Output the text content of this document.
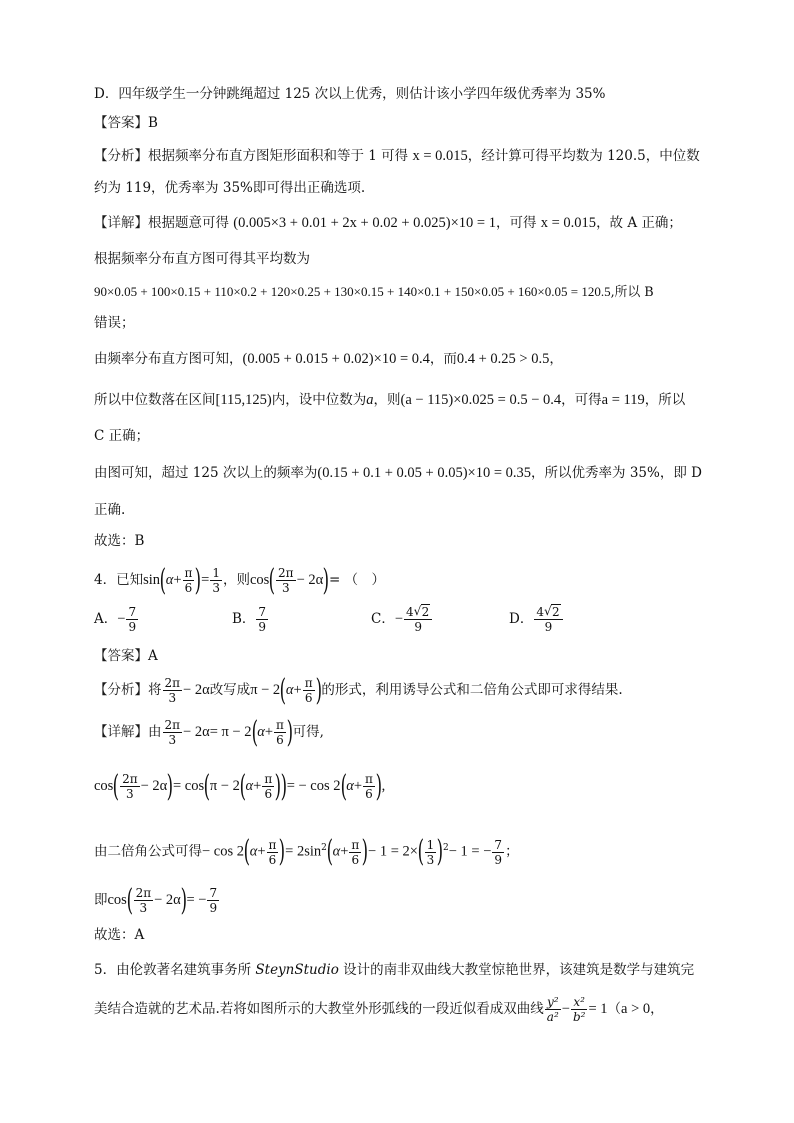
D．四年级学生一分钟跳绳超过 125 次以上优秀，则估计该小学四年级优秀率为 35%
【答案】B
【分析】根据频率分布直方图矩形面积和等于 1 可得 x = 0.015，经计算可得平均数为 120.5，中位数
约为 119，优秀率为 35%即可得出正确选项.
【详解】根据题意可得 (0.005×3 + 0.01 + 2x + 0.02 + 0.025)×10 = 1，可得 x = 0.015，故 A 正确；
根据频率分布直方图可得其平均数为
90×0.05 + 100×0.15 + 110×0.2 + 120×0.25 + 130×0.15 + 140×0.1 + 150×0.05 + 160×0.05 = 120.5,所以 B
错误；
由频率分布直方图可知，(0.005 + 0.015 + 0.02)×10 = 0.4，而0.4 + 0.25 > 0.5，
所以中位数落在区间[115,125)内，设中位数为a，则(a − 115)×0.025 = 0.5 − 0.4，可得a = 119，所以
C 正确；
由图可知，超过 125 次以上的频率为(0.15 + 0.1 + 0.05 + 0.05)×10 = 0.35，所以优秀率为 35%，即 D
正确.
故选：B
4．已知$\sin(\alpha+ \frac{\pi}{6}$ )= $\frac{1}{3}$ ，则$\cos( \frac{2\pi}{3} - 2\alpha)=$ （　）
A．− $\frac{7}{9}$	B． $\frac{7}{9}$	C．− $\frac{4 √ 2}{9}$	D． $\frac{4 √ 2}{9}$
【答案】A
【分析】将 $\frac{2\pi}{3} - 2\alpha$改写成$\pi - 2(\alpha+ \frac{\pi}{6}$ )的形式，利用诱导公式和二倍角公式即可求得结果.
【详解】由 $\frac{2\pi}{3} - 2\alpha= \pi - 2(\alpha+ \frac{\pi}{6}$ )可得,
$\cos( \frac{2\pi}{3} - 2\alpha)= \cos(\pi - 2(\alpha+ \frac{\pi}{6}$ ))= − $\cos 2(\alpha+ \frac{\pi}{6}$ ),
由二倍角公式可得− $\cos 2(\alpha+ \frac{\pi}{6}$ )= $2\sin^2(\alpha+ \frac{\pi}{6}$ )− $1 = 2\times( \frac{1}{3} )^2- 1$ = − $\frac{7}{9}$ ；
即$\cos( \frac{2\pi}{3} - 2\alpha)= - \frac{7}{9}$
故选：A
5．由伦敦著名建筑事务所 SteynStudio 设计的南非双曲线大教堂惊艳世界，该建筑是数学与建筑完
美结合造就的艺术品.若将如图所示的大教堂外形弧线的一段近似看成双曲线 $\frac{\text{y²}}{\text{a²}} - \frac{\text{x²}}{\text{b²}} = 1(a > 0$，
